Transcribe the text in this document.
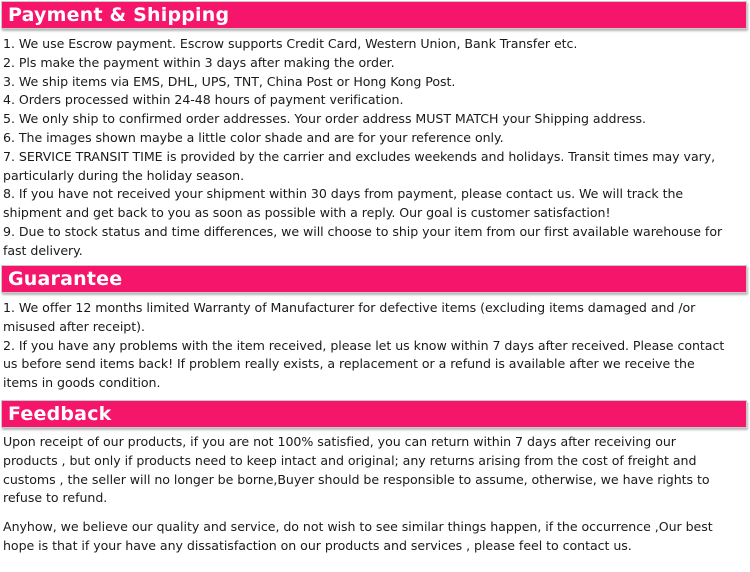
Payment & Shipping
1. We use Escrow payment. Escrow supports Credit Card, Western Union, Bank Transfer etc.
2. Pls make the payment within 3 days after making the order.
3. We ship items via EMS, DHL, UPS, TNT, China Post or Hong Kong Post.
4. Orders processed within 24-48 hours of payment verification.
5. We only ship to confirmed order addresses. Your order address MUST MATCH your Shipping address.
6. The images shown maybe a little color shade and are for your reference only.
7. SERVICE TRANSIT TIME is provided by the carrier and excludes weekends and holidays. Transit times may vary,
particularly during the holiday season.
8. If you have not received your shipment within 30 days from payment, please contact us. We will track the
shipment and get back to you as soon as possible with a reply. Our goal is customer satisfaction!
9. Due to stock status and time differences, we will choose to ship your item from our first available warehouse for
fast delivery.
Guarantee
1. We offer 12 months limited Warranty of Manufacturer for defective items (excluding items damaged and /or
misused after receipt).
2. If you have any problems with the item received, please let us know within 7 days after received. Please contact
us before send items back! If problem really exists, a replacement or a refund is available after we receive the
items in goods condition.
Feedback
Upon receipt of our products, if you are not 100% satisfied, you can return within 7 days after receiving our
products , but only if products need to keep intact and original; any returns arising from the cost of freight and
customs , the seller will no longer be borne,Buyer should be responsible to assume, otherwise, we have rights to
refuse to refund.
Anyhow, we believe our quality and service, do not wish to see similar things happen, if the occurrence ,Our best
hope is that if your have any dissatisfaction on our products and services , please feel to contact us.
